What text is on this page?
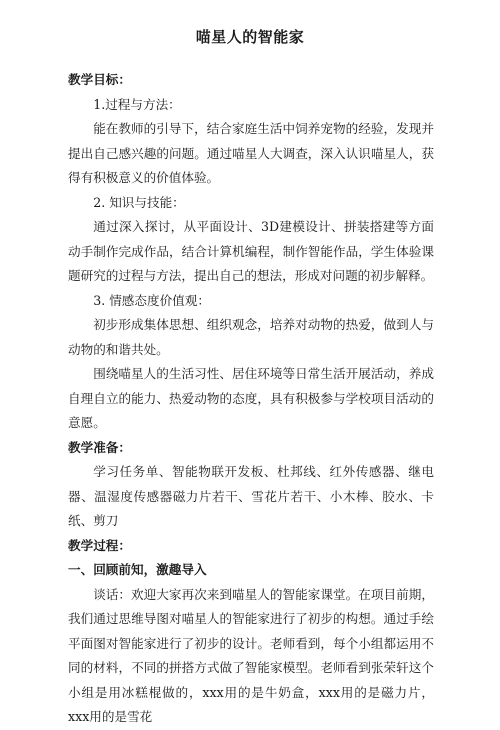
喵星人的智能家

教学目标：

1.过程与方法：

能在教师的引导下，结合家庭生活中饲养宠物的经验，发现并提出自己感兴趣的问题。通过喵星人大调查，深入认识喵星人，获得有积极意义的价值体验。

2. 知识与技能：

通过深入探讨，从平面设计、3D建模设计、拼装搭建等方面动手制作完成作品，结合计算机编程，制作智能作品，学生体验课题研究的过程与方法，提出自己的想法，形成对问题的初步解释。

3. 情感态度价值观：

初步形成集体思想、组织观念，培养对动物的热爱，做到人与动物的和谐共处。

围绕喵星人的生活习性、居住环境等日常生活开展活动，养成自理自立的能力、热爱动物的态度，具有积极参与学校项目活动的意愿。

教学准备：

学习任务单、智能物联开发板、杜邦线、红外传感器、继电器、温湿度传感器磁力片若干、雪花片若干、小木棒、胶水、卡纸、剪刀

教学过程：

一、回顾前知，激趣导入

谈话：欢迎大家再次来到喵星人的智能家课堂。在项目前期，我们通过思维导图对喵星人的智能家进行了初步的构想。通过手绘平面图对智能家进行了初步的设计。老师看到，每个小组都运用不同的材料，不同的拼搭方式做了智能家模型。老师看到张荣轩这个小组是用冰糕棍做的，xxx用的是牛奶盒，xxx用的是磁力片，xxx用的是雪花
